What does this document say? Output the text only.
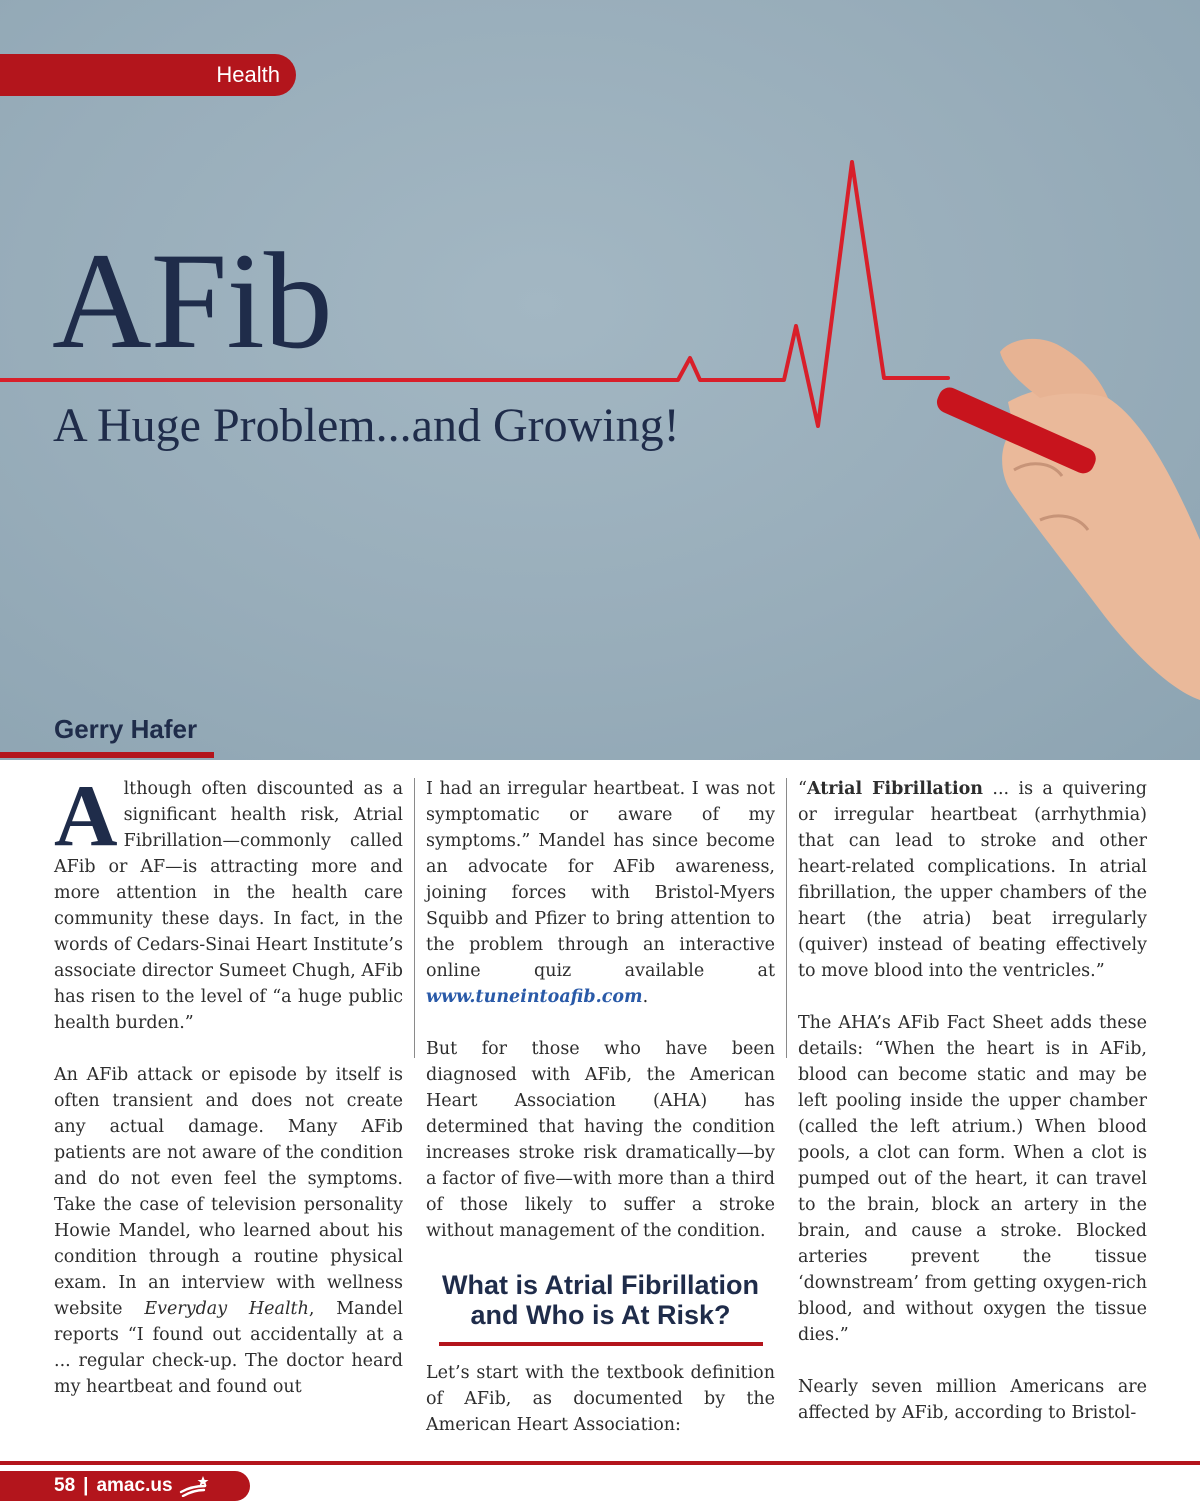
Health
AFib
A Huge Problem...and Growing!
Gerry Hafer

Although often discounted as a significant health risk, Atrial Fibrillation—commonly called AFib or AF—is attracting more and more attention in the health care community these days. In fact, in the words of Cedars-Sinai Heart Institute’s associate director Sumeet Chugh, AFib has risen to the level of “a huge public health burden.”

An AFib attack or episode by itself is often transient and does not create any actual damage. Many AFib patients are not aware of the condition and do not even feel the symptoms. Take the case of television personality Howie Mandel, who learned about his condition through a routine physical exam. In an interview with wellness website Everyday Health, Mandel reports “I found out accidentally at a ... regular check-up. The doctor heard my heartbeat and found out

I had an irregular heartbeat. I was not symptomatic or aware of my symptoms.” Mandel has since become an advocate for AFib awareness, joining forces with Bristol-Myers Squibb and Pfizer to bring attention to the problem through an interactive online quiz available at www.tuneintoafib.com.

But for those who have been diagnosed with AFib, the American Heart Association (AHA) has determined that having the condition increases stroke risk dramatically—by a factor of five—with more than a third of those likely to suffer a stroke without management of the condition.

What is Atrial Fibrillation
and Who is At Risk?

Let’s start with the textbook definition of AFib, as documented by the American Heart Association:

“Atrial Fibrillation ... is a quivering or irregular heartbeat (arrhythmia) that can lead to stroke and other heart-related complications. In atrial fibrillation, the upper chambers of the heart (the atria) beat irregularly (quiver) instead of beating effectively to move blood into the ventricles.”

The AHA’s AFib Fact Sheet adds these details: “When the heart is in AFib, blood can become static and may be left pooling inside the upper chamber (called the left atrium.) When blood pools, a clot can form. When a clot is pumped out of the heart, it can travel to the brain, block an artery in the brain, and cause a stroke. Blocked arteries prevent the tissue ‘downstream’ from getting oxygen-rich blood, and without oxygen the tissue dies.”

Nearly seven million Americans are affected by AFib, according to Bristol-

58 | amac.us
